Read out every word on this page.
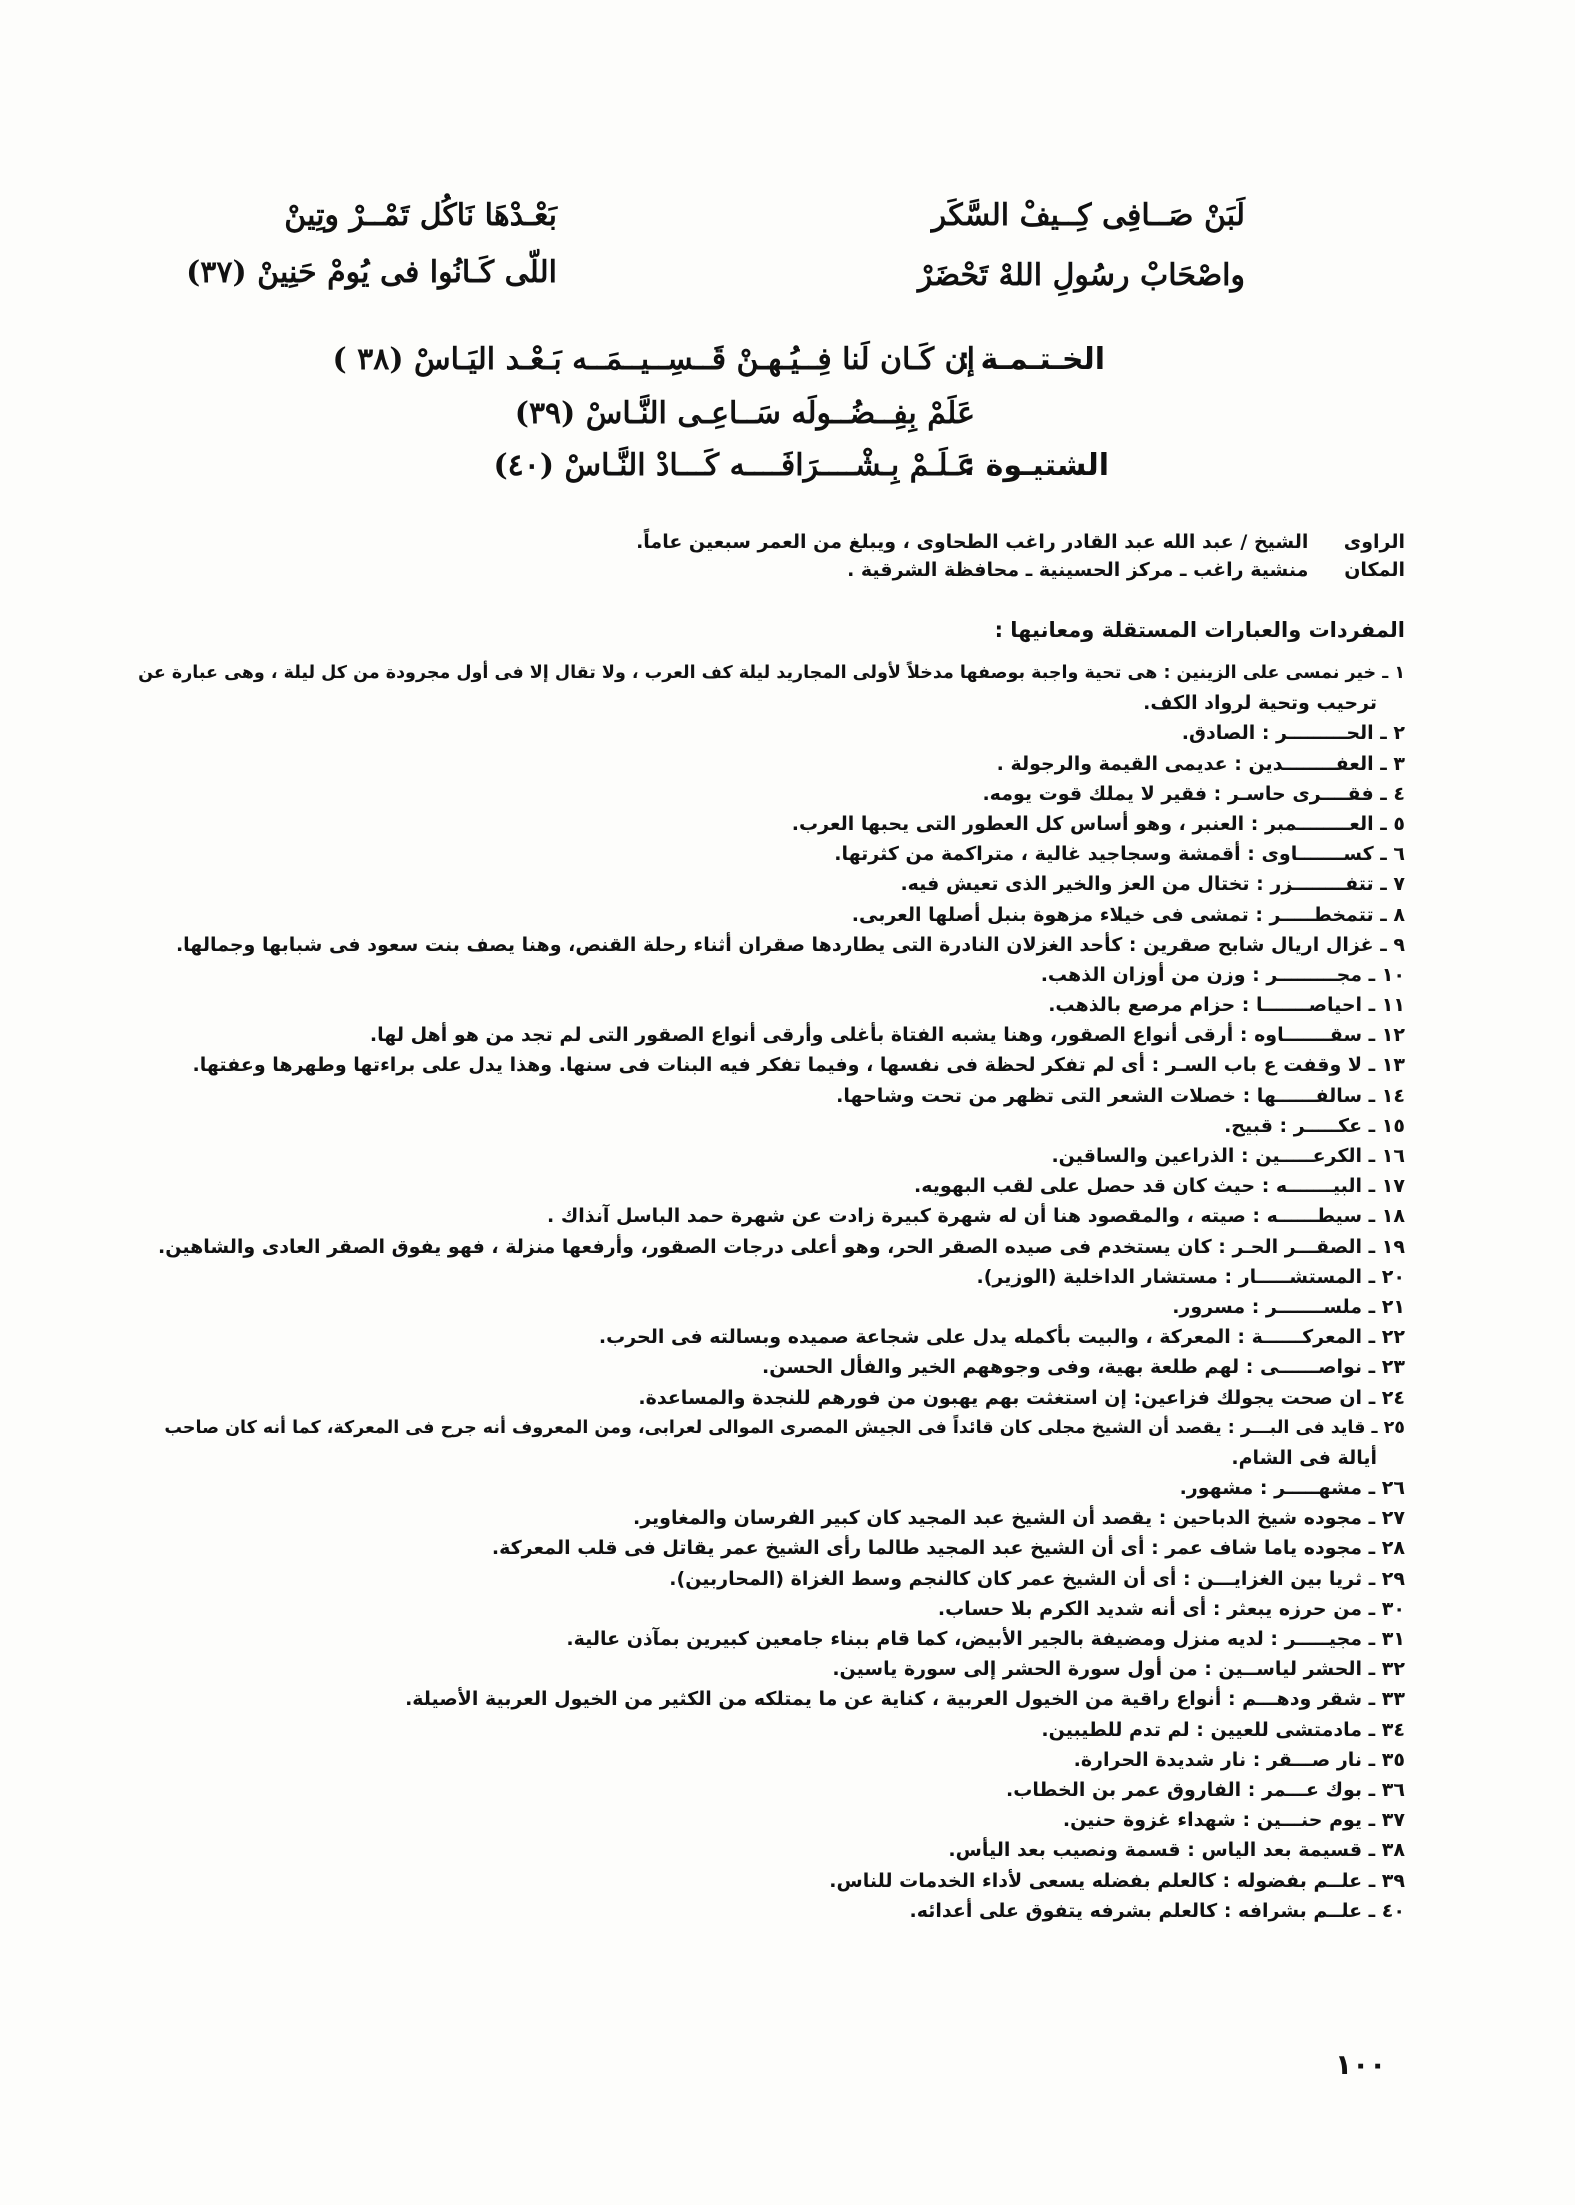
لَبَنْ صَــافِى كِــيفْ السَّكَر
بَعْـدْهَا نَاكُل تَمْــرْ وتِينْ
واصْحَابْ رسُولِ اللهْ تَحْضَرْ
اللّى كَـانُوا فى يُومْ حَنِينْ (٣٧)
الخـتـمـة :
إن كَـان لَنا فِــيُـهـنْ قَــسِــيــمَــه بَـعْـد اليَـاسْ (٣٨ )
عَلَمْ بِفِــضُــولَه سَــاعِـى النَّـاسْ (٣٩)
الشتيـوة :
عَـلَـمْ بِـشْــــرَافَــــه كَـــادْ النَّـاسْ (٤٠)
الراوى الشيخ / عبد الله عبد القادر راغب الطحاوى ، ويبلغ من العمر سبعين عاماً.
المكان منشية راغب ـ مركز الحسينية ـ محافظة الشرقية .
المفردات والعبارات المستقلة ومعانيها :
١ ـ خير نمسى على الزينين : هى تحية واجبة بوصفها مدخلاً لأولى المجاريد ليلة كف العرب ، ولا تقال إلا فى أول مجرودة من كل ليلة ، وهى عبارة عن
ترحيب وتحية لرواد الكف.
٢ ـ الحـــــــــر : الصادق.
٣ ـ العفــــــــدين : عديمى القيمة والرجولة .
٤ ـ فقــــرى حاسـر : فقير لا يملك قوت يومه.
٥ ـ العــــــــمبر : العنبر ، وهو أساس كل العطور التى يحبها العرب.
٦ ـ كســـــــاوى : أقمشة وسجاجيد غالية ، متراكمة من كثرتها.
٧ ـ تتفــــــــزر : تختال من العز والخير الذى تعيش فيه.
٨ ـ تتمخطـــــر : تمشى فى خيلاء مزهوة بنبل أصلها العربى.
٩ ـ غزال اريال شابح صقرين : كأحد الغزلان النادرة التى يطاردها صقران أثناء رحلة القنص، وهنا يصف بنت سعود فى شبابها وجمالها.
١٠ ـ مجـــــــــر : وزن من أوزان الذهب.
١١ ـ احياصـــــــا : حزام مرصع بالذهب.
١٢ ـ سقـــــــاوه : أرقى أنواع الصقور، وهنا يشبه الفتاة بأغلى وأرقى أنواع الصقور التى لم تجد من هو أهل لها.
١٣ ـ لا وقفت ع باب السـر : أى لم تفكر لحظة فى نفسها ، وفيما تفكر فيه البنات فى سنها. وهذا يدل على براءتها وطهرها وعفتها.
١٤ ـ سالفــــــها : خصلات الشعر التى تظهر من تحت وشاحها.
١٥ ـ عكـــــر : قبيح.
١٦ ـ الكرعـــــين : الذراعين والساقين.
١٧ ـ البيـــــــه : حيث كان قد حصل على لقب البهويه.
١٨ ـ سيطــــــه : صيته ، والمقصود هنا أن له شهرة كبيرة زادت عن شهرة حمد الباسل آنذاك .
١٩ ـ الصقـــر الحـر : كان يستخدم فى صيده الصقر الحر، وهو أعلى درجات الصقور، وأرفعها منزلة ، فهو يفوق الصقر العادى والشاهين.
٢٠ ـ المستشـــــار : مستشار الداخلية (الوزير).
٢١ ـ ملســـــــر : مسرور.
٢٢ ـ المعركــــــة : المعركة ، والبيت بأكمله يدل على شجاعة صميده وبسالته فى الحرب.
٢٣ ـ نواصــــــى : لهم طلعة بهية، وفى وجوههم الخير والفأل الحسن.
٢٤ ـ ان صحت يجولك فزاعين: إن استغثت بهم يهبون من فورهم للنجدة والمساعدة.
٢٥ ـ قايد فى البـــر : يقصد أن الشيخ مجلى كان قائداً فى الجيش المصرى الموالى لعرابى، ومن المعروف أنه جرح فى المعركة، كما أنه كان صاحب
أيالة فى الشام.
٢٦ ـ مشهـــــر : مشهور.
٢٧ ـ مجوده شيخ الدباحين : يقصد أن الشيخ عبد المجيد كان كبير الفرسان والمغاوير.
٢٨ ـ مجوده ياما شاف عمر : أى أن الشيخ عبد المجيد طالما رأى الشيخ عمر يقاتل فى قلب المعركة.
٢٩ ـ ثريا بين الغزايـــن : أى أن الشيخ عمر كان كالنجم وسط الغزاة (المحاربين).
٣٠ ـ من حرزه يبعثر : أى أنه شديد الكرم بلا حساب.
٣١ ـ مجيـــــر : لديه منزل ومضيفة بالجير الأبيض، كما قام ببناء جامعين كبيرين بمآذن عالية.
٣٢ ـ الحشر لياســين : من أول سورة الحشر إلى سورة ياسين.
٣٣ ـ شقر ودهـــم : أنواع راقية من الخيول العربية ، كناية عن ما يمتلكه من الكثير من الخيول العربية الأصيلة.
٣٤ ـ مادمتشى للعيين : لم تدم للطيبين.
٣٥ ـ نار صـــقر : نار شديدة الحرارة.
٣٦ ـ بوك عـــمر : الفاروق عمر بن الخطاب.
٣٧ ـ يوم حنـــين : شهداء غزوة حنين.
٣٨ ـ قسيمة بعد الياس : قسمة ونصيب بعد اليأس.
٣٩ ـ علــم بفضوله : كالعلم بفضله يسعى لأداء الخدمات للناس.
٤٠ ـ علــم بشرافه : كالعلم بشرفه يتفوق على أعدائه.
١٠٠
